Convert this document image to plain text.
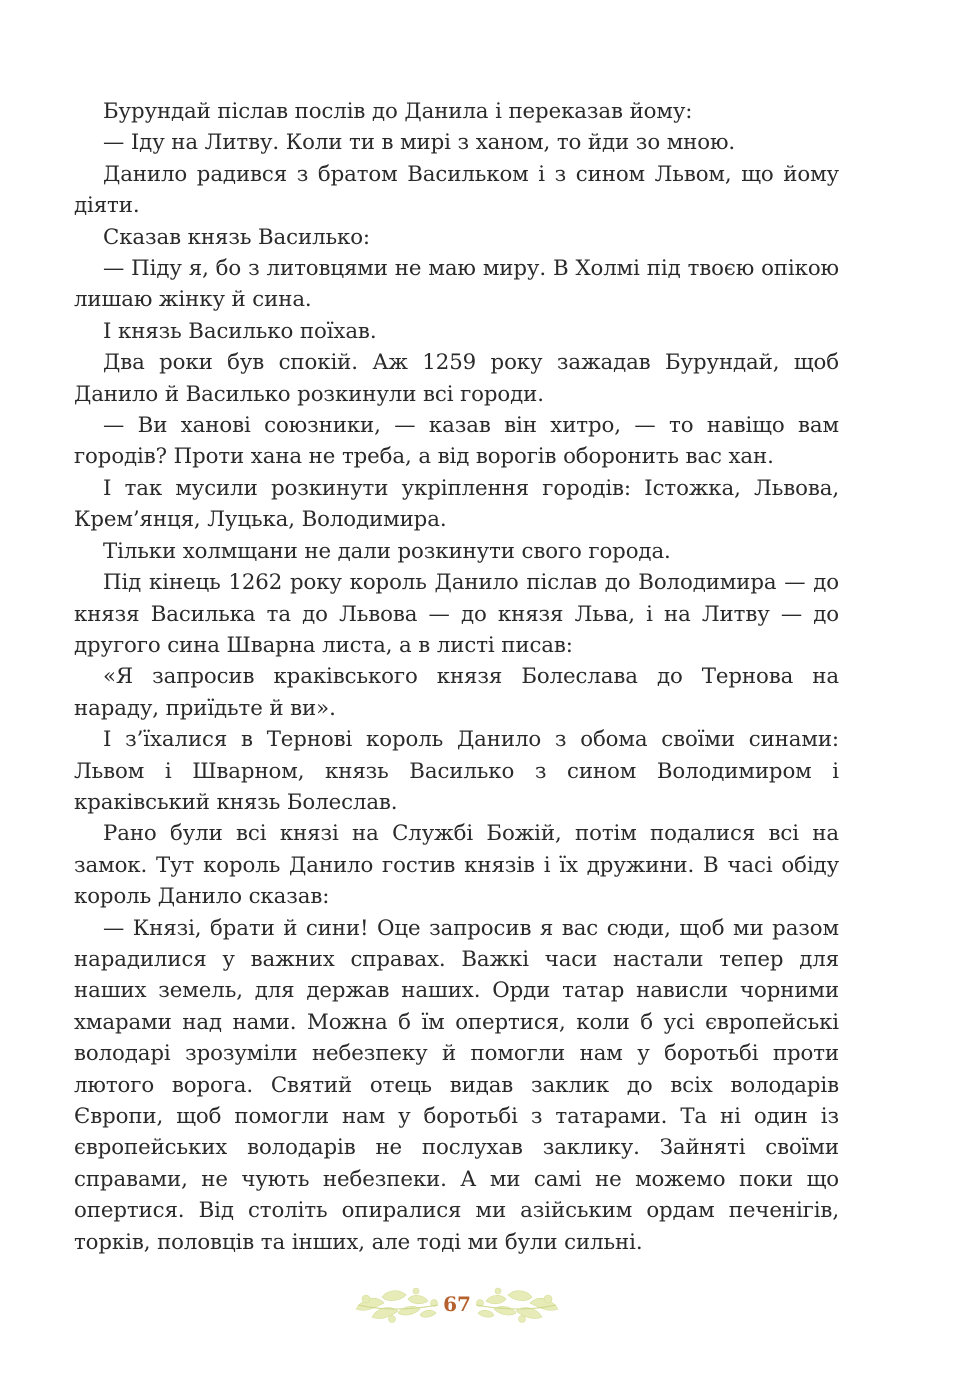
Бурундай післав послів до Данила і переказав йому:

— Іду на Литву. Коли ти в мирі з ханом, то йди зо мною.

Данило радився з братом Васильком і з сином Львом, що йому діяти.

Сказав князь Василько:

— Піду я, бо з литовцями не маю миру. В Холмі під твоєю опікою лишаю жінку й сина.

І князь Василько поїхав.

Два роки був спокій. Аж 1259 року зажадав Бурундай, щоб Данило й Василько розкинули всі городи.

— Ви ханові союзники, — казав він хитро, — то навіщо вам городів? Проти хана не треба, а від ворогів оборонить вас хан.

І так мусили розкинути укріплення городів: Істожка, Львова, Крем’янця, Луцька, Володимира.

Тільки холмщани не дали розкинути свого города.

Під кінець 1262 року король Данило післав до Володимира — до князя Василька та до Львова — до князя Льва, і на Литву — до другого сина Шварна листа, а в листі писав:

«Я запросив краківського князя Болеслава до Тернова на нараду, приїдьте й ви».

І з’їхалися в Тернові король Данило з обома своїми синами: Львом і Шварном, князь Василько з сином Володимиром і краківський князь Болеслав.

Рано були всі князі на Службі Божій, потім подалися всі на замок. Тут король Данило гостив князів і їх дружини. В часі обіду король Данило сказав:

— Князі, брати й сини! Оце запросив я вас сюди, щоб ми разом нарадилися у важних справах. Важкі часи настали тепер для наших земель, для держав наших. Орди татар нависли чорними хмарами над нами. Можна б їм опертися, коли б усі європейські володарі зрозуміли небезпеку й помогли нам у боротьбі проти лютого ворога. Святий отець видав заклик до всіх володарів Європи, щоб помогли нам у боротьбі з татарами. Та ні один із європейських володарів не послухав заклику. Зайняті своїми справами, не чують небезпеки. А ми самі не можемо поки що опертися. Від століть опиралися ми азійським ордам печенігів, торків, половців та інших, але тоді ми були сильні.

67
